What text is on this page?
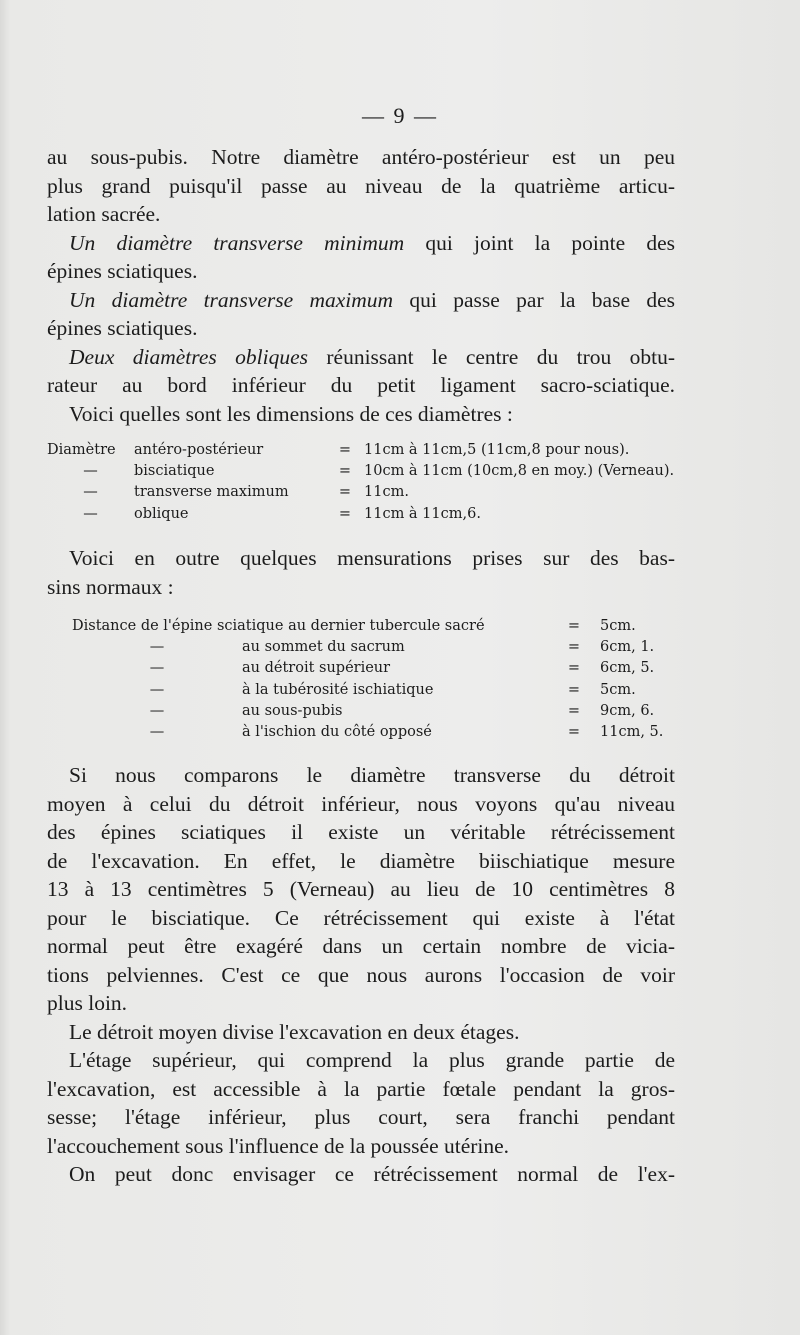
— 9 —
au sous-pubis. Notre diamètre antéro-postérieur est un peu
plus grand puisqu'il passe au niveau de la quatrième articu-
lation sacrée.
Un diamètre transverse minimum qui joint la pointe des
épines sciatiques.
Un diamètre transverse maximum qui passe par la base des
épines sciatiques.
Deux diamètres obliques réunissant le centre du trou obtu-
rateur au bord inférieur du petit ligament sacro-sciatique.
Voici quelles sont les dimensions de ces diamètres :
Diamètre	antéro-postérieur	=	11cm à 11cm,5 (11cm,8 pour nous).
—	bisciatique	=	10cm à 11cm (10cm,8 en moy.) (Verneau).
—	transverse maximum	=	11cm.
—	oblique	=	11cm à 11cm,6.
Voici en outre quelques mensurations prises sur des bas-
sins normaux :
Distance de l'épine sciatique au dernier tubercule sacré		=	5cm.
—	au sommet du sacrum	=	6cm, 1.
—	au détroit supérieur	=	6cm, 5.
—	à la tubérosité ischiatique	=	5cm.
—	au sous-pubis	=	9cm, 6.
—	à l'ischion du côté opposé	=	11cm, 5.
Si nous comparons le diamètre transverse du détroit
moyen à celui du détroit inférieur, nous voyons qu'au niveau
des épines sciatiques il existe un véritable rétrécissement
de l'excavation. En effet, le diamètre biischiatique mesure
13 à 13 centimètres 5 (Verneau) au lieu de 10 centimètres 8
pour le bisciatique. Ce rétrécissement qui existe à l'état
normal peut être exagéré dans un certain nombre de vicia-
tions pelviennes. C'est ce que nous aurons l'occasion de voir
plus loin.
Le détroit moyen divise l'excavation en deux étages.
L'étage supérieur, qui comprend la plus grande partie de
l'excavation, est accessible à la partie fœtale pendant la gros-
sesse; l'étage inférieur, plus court, sera franchi pendant
l'accouchement sous l'influence de la poussée utérine.
On peut donc envisager ce rétrécissement normal de l'ex-
